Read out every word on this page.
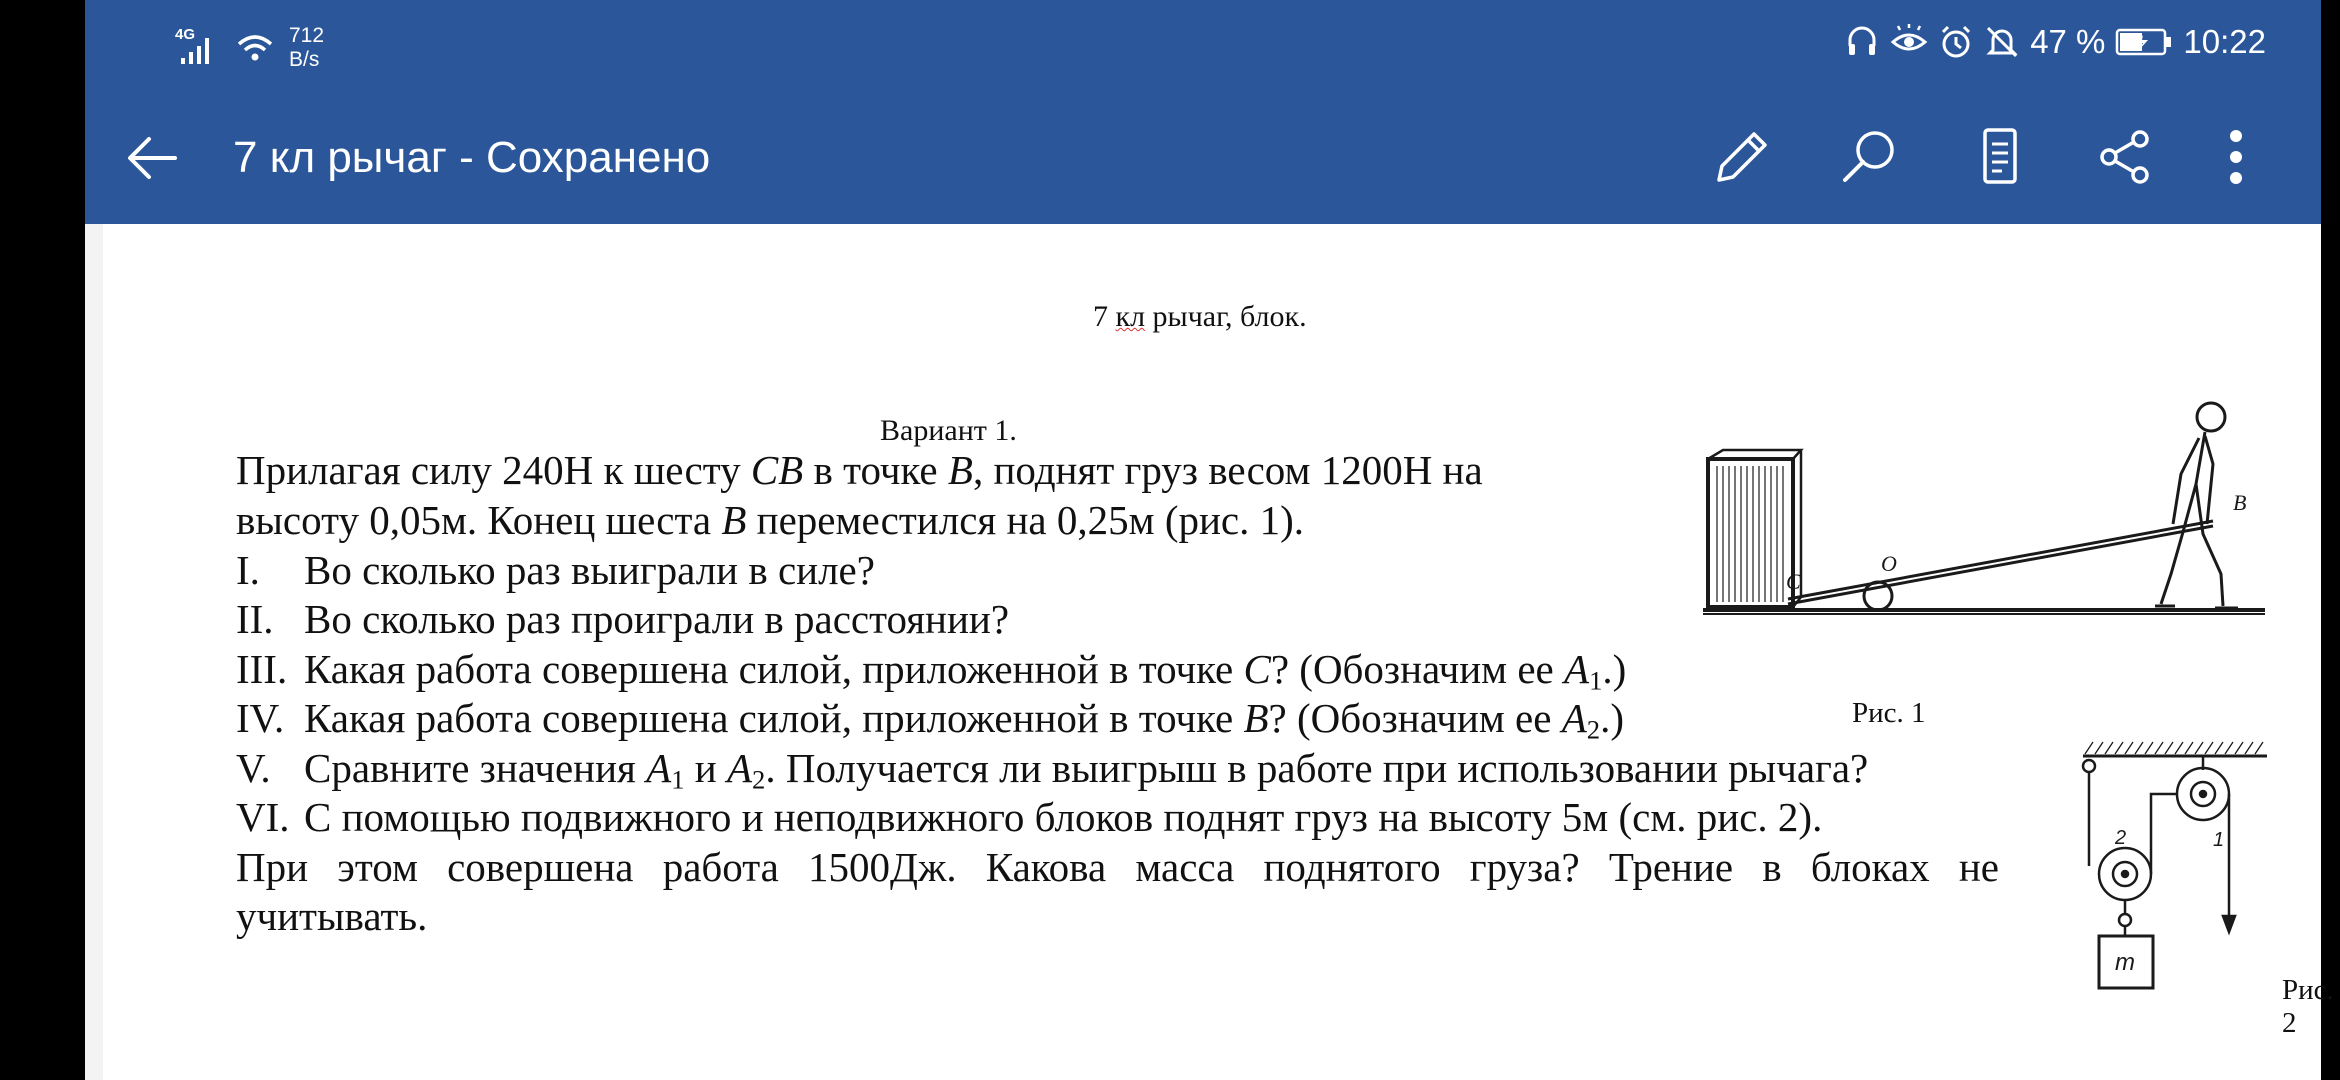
4G	712
B/s	47 % 10:22
7 кл рычаг - Сохранено
7 кл рычаг, блок.
Вариант 1.
Прилагая силу 240Н к шесту CB в точке B, поднят груз весом 1200Н на
высоту 0,05м. Конец шеста B переместился на 0,25м (рис. 1).
I. Во сколько раз выиграли в силе?
II. Во сколько раз проиграли в расстоянии?
III. Какая работа совершена силой, приложенной в точке C? (Обозначим ее $A_1$.)
IV. Какая работа совершена силой, приложенной в точке B? (Обозначим ее $A_2$.)
V. Сравните значения $A_1$ и $A_2$. Получается ли выигрыш в работе при использовании рычага?
VI. С помощью подвижного и неподвижного блоков поднят груз на высоту 5м (см. рис. 2).
При этом совершена работа 1500Дж. Какова масса поднятого груза? Трение в блоках не
учитывать.
C
O
B
Рис. 1
2	1
m
Рис. 2
